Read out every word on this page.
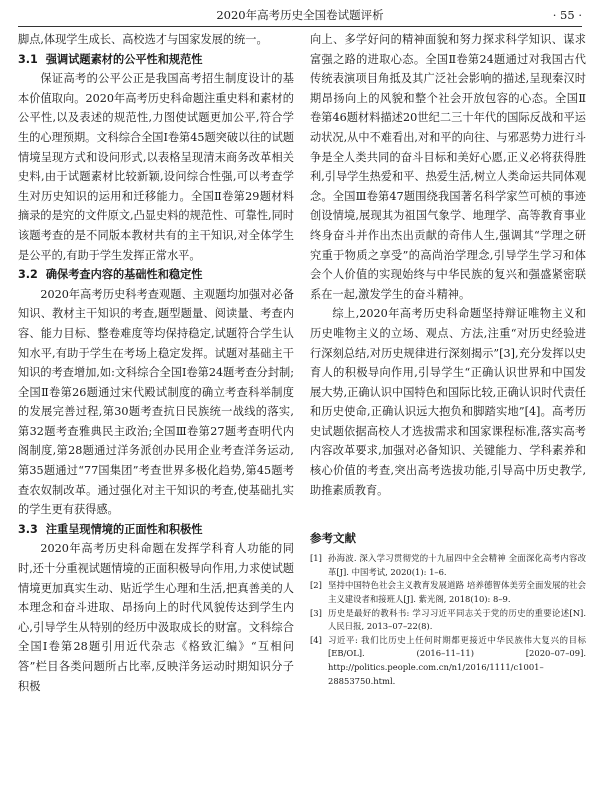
2020年高考历史全国卷试题评析	· 55 ·

脚点,体现学生成长、高校选才与国家发展的统一。

3.1 强调试题素材的公平性和规范性

保证高考的公平公正是我国高考招生制度设计的基本价值取向。2020年高考历史科命题注重史料和素材的公平性,以及表述的规范性,力图使试题更加公平,符合学生的心理预期。文科综合全国Ⅰ卷第45题突破以往的试题情境呈现方式和设问形式,以表格呈现清末商务改革相关史料,由于试题素材比较新颖,设问综合性强,可以考查学生对历史知识的运用和迁移能力。全国Ⅱ卷第29题材料摘录的是究的文件原文,凸显史料的规范性、可靠性,同时该题考查的是不同版本教材共有的主干知识,对全体学生是公平的,有助于学生发挥正常水平。

3.2 确保考查内容的基础性和稳定性

2020年高考历史科考查观题、主观题均加强对必备知识、教材主干知识的考查,题型题量、阅读量、考查内容、能力目标、整卷难度等均保持稳定,试题符合学生认知水平,有助于学生在考场上稳定发挥。试题对基础主干知识的考查增加,如:文科综合全国Ⅰ卷第24题考查分封制;全国Ⅱ卷第26题通过宋代殿试制度的确立考查科举制度的发展完善过程,第30题考查抗日民族统一战线的落实,第32题考查雅典民主政治;全国Ⅲ卷第27题考查明代内阁制度,第28题通过洋务派创办民用企业考查洋务运动,第35题通过“77国集团”考查世界多极化趋势,第45题考查农奴制改革。通过强化对主干知识的考查,使基础扎实的学生更有获得感。

3.3 注重呈现情境的正面性和积极性

2020年高考历史科命题在发挥学科育人功能的同时,还十分重视试题情境的正面积极导向作用,力求使试题情境更加真实生动、贴近学生心理和生活,把真善美的人本理念和奋斗进取、昂扬向上的时代风貌传达到学生内心,引导学生从特别的经历中汲取成长的财富。文科综合全国Ⅰ卷第28题引用近代杂志《格致汇编》“互相问答”栏目各类问题所占比率,反映洋务运动时期知识分子积极

向上、多学好问的精神面貌和努力探求科学知识、谋求富强之路的进取心态。全国Ⅱ卷第24题通过对我国古代传统表演项目角抵及其广泛社会影响的描述,呈现秦汉时期昂扬向上的风貌和整个社会开放包容的心态。全国Ⅱ卷第46题材料描述20世纪二三十年代的国际反战和平运动状况,从中不难看出,对和平的向往、与邪恶势力进行斗争是全人类共同的奋斗目标和美好心愿,正义必将获得胜利,引导学生热爱和平、热爱生活,树立人类命运共同体观念。全国Ⅲ卷第47题围绕我国著名科学家竺可桢的事迹创设情境,展现其为祖国气象学、地理学、高等教育事业终身奋斗并作出杰出贡献的奇伟人生,强调其“学理之研究重于物质之享受”的高尚治学理念,引导学生学习和体会个人价值的实现始终与中华民族的复兴和强盛紧密联系在一起,激发学生的奋斗精神。

综上,2020年高考历史科命题坚持辩证唯物主义和历史唯物主义的立场、观点、方法,注重“对历史经验进行深刻总结,对历史规律进行深刻揭示”[3],充分发挥以史育人的积极导向作用,引导学生“正确认识世界和中国发展大势,正确认识中国特色和国际比较,正确认识时代责任和历史使命,正确认识远大抱负和脚踏实地”[4]。高考历史试题依据高校人才选拔需求和国家课程标准,落实高考内容改革要求,加强对必备知识、关键能力、学科素养和核心价值的考查,突出高考选拔功能,引导高中历史教学,助推素质教育。

参考文献
[1] 孙海波. 深入学习贯彻党的十九届四中全会精神 全面深化高考内容改革[J]. 中国考试, 2020(1): 1–6.
[2] 坚持中国特色社会主义教育发展道路 培养德智体美劳全面发展的社会主义建设者和接班人[J]. 紫光阁, 2018(10): 8–9.
[3] 历史是最好的教科书: 学习习近平同志关于党的历史的重要论述[N]. 人民日报, 2013–07–22(8).
[4] 习近平: 我们比历史上任何时期都更接近中华民族伟大复兴的目标[EB/OL]. (2016–11–11) [2020–07–09]. http://politics.people.com.cn/n1/2016/1111/c1001–28853750.html.
